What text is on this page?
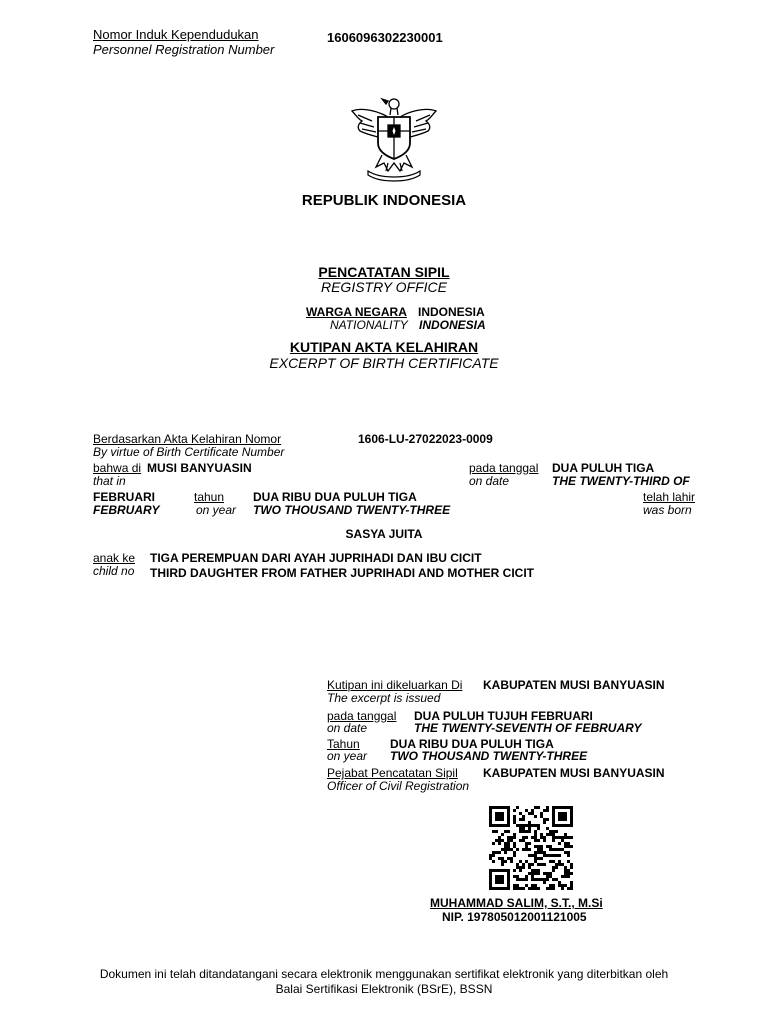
Nomor Induk Kependudukan
Personnel Registration Number
1606096302230001
REPUBLIK INDONESIA
PENCATATAN SIPIL
REGISTRY OFFICE
WARGA NEGARA INDONESIA
NATIONALITY INDONESIA
KUTIPAN AKTA KELAHIRAN
EXCERPT OF BIRTH CERTIFICATE
Berdasarkan Akta Kelahiran Nomor
By virtue of Birth Certificate Number
1606-LU-27022023-0009
bahwa di MUSI BANYUASIN
that in
pada tanggal
on date
DUA PULUH TIGA
THE TWENTY-THIRD OF
FEBRUARI
FEBRUARY
tahun
on year
DUA RIBU DUA PULUH TIGA
TWO THOUSAND TWENTY-THREE
telah lahir
was born
SASYA JUITA
anak ke
child no
TIGA PEREMPUAN DARI AYAH JUPRIHADI DAN IBU CICIT
THIRD DAUGHTER FROM FATHER JUPRIHADI AND MOTHER CICIT
Kutipan ini dikeluarkan Di
The excerpt is issued
KABUPATEN MUSI BANYUASIN
pada tanggal
on date
DUA PULUH TUJUH FEBRUARI
THE TWENTY-SEVENTH OF FEBRUARY
Tahun
on year
DUA RIBU DUA PULUH TIGA
TWO THOUSAND TWENTY-THREE
Pejabat Pencatatan Sipil
Officer of Civil Registration
KABUPATEN MUSI BANYUASIN
MUHAMMAD SALIM, S.T., M.Si
NIP. 197805012001121005
Dokumen ini telah ditandatangani secara elektronik menggunakan sertifikat elektronik yang diterbitkan oleh
Balai Sertifikasi Elektronik (BSrE), BSSN
